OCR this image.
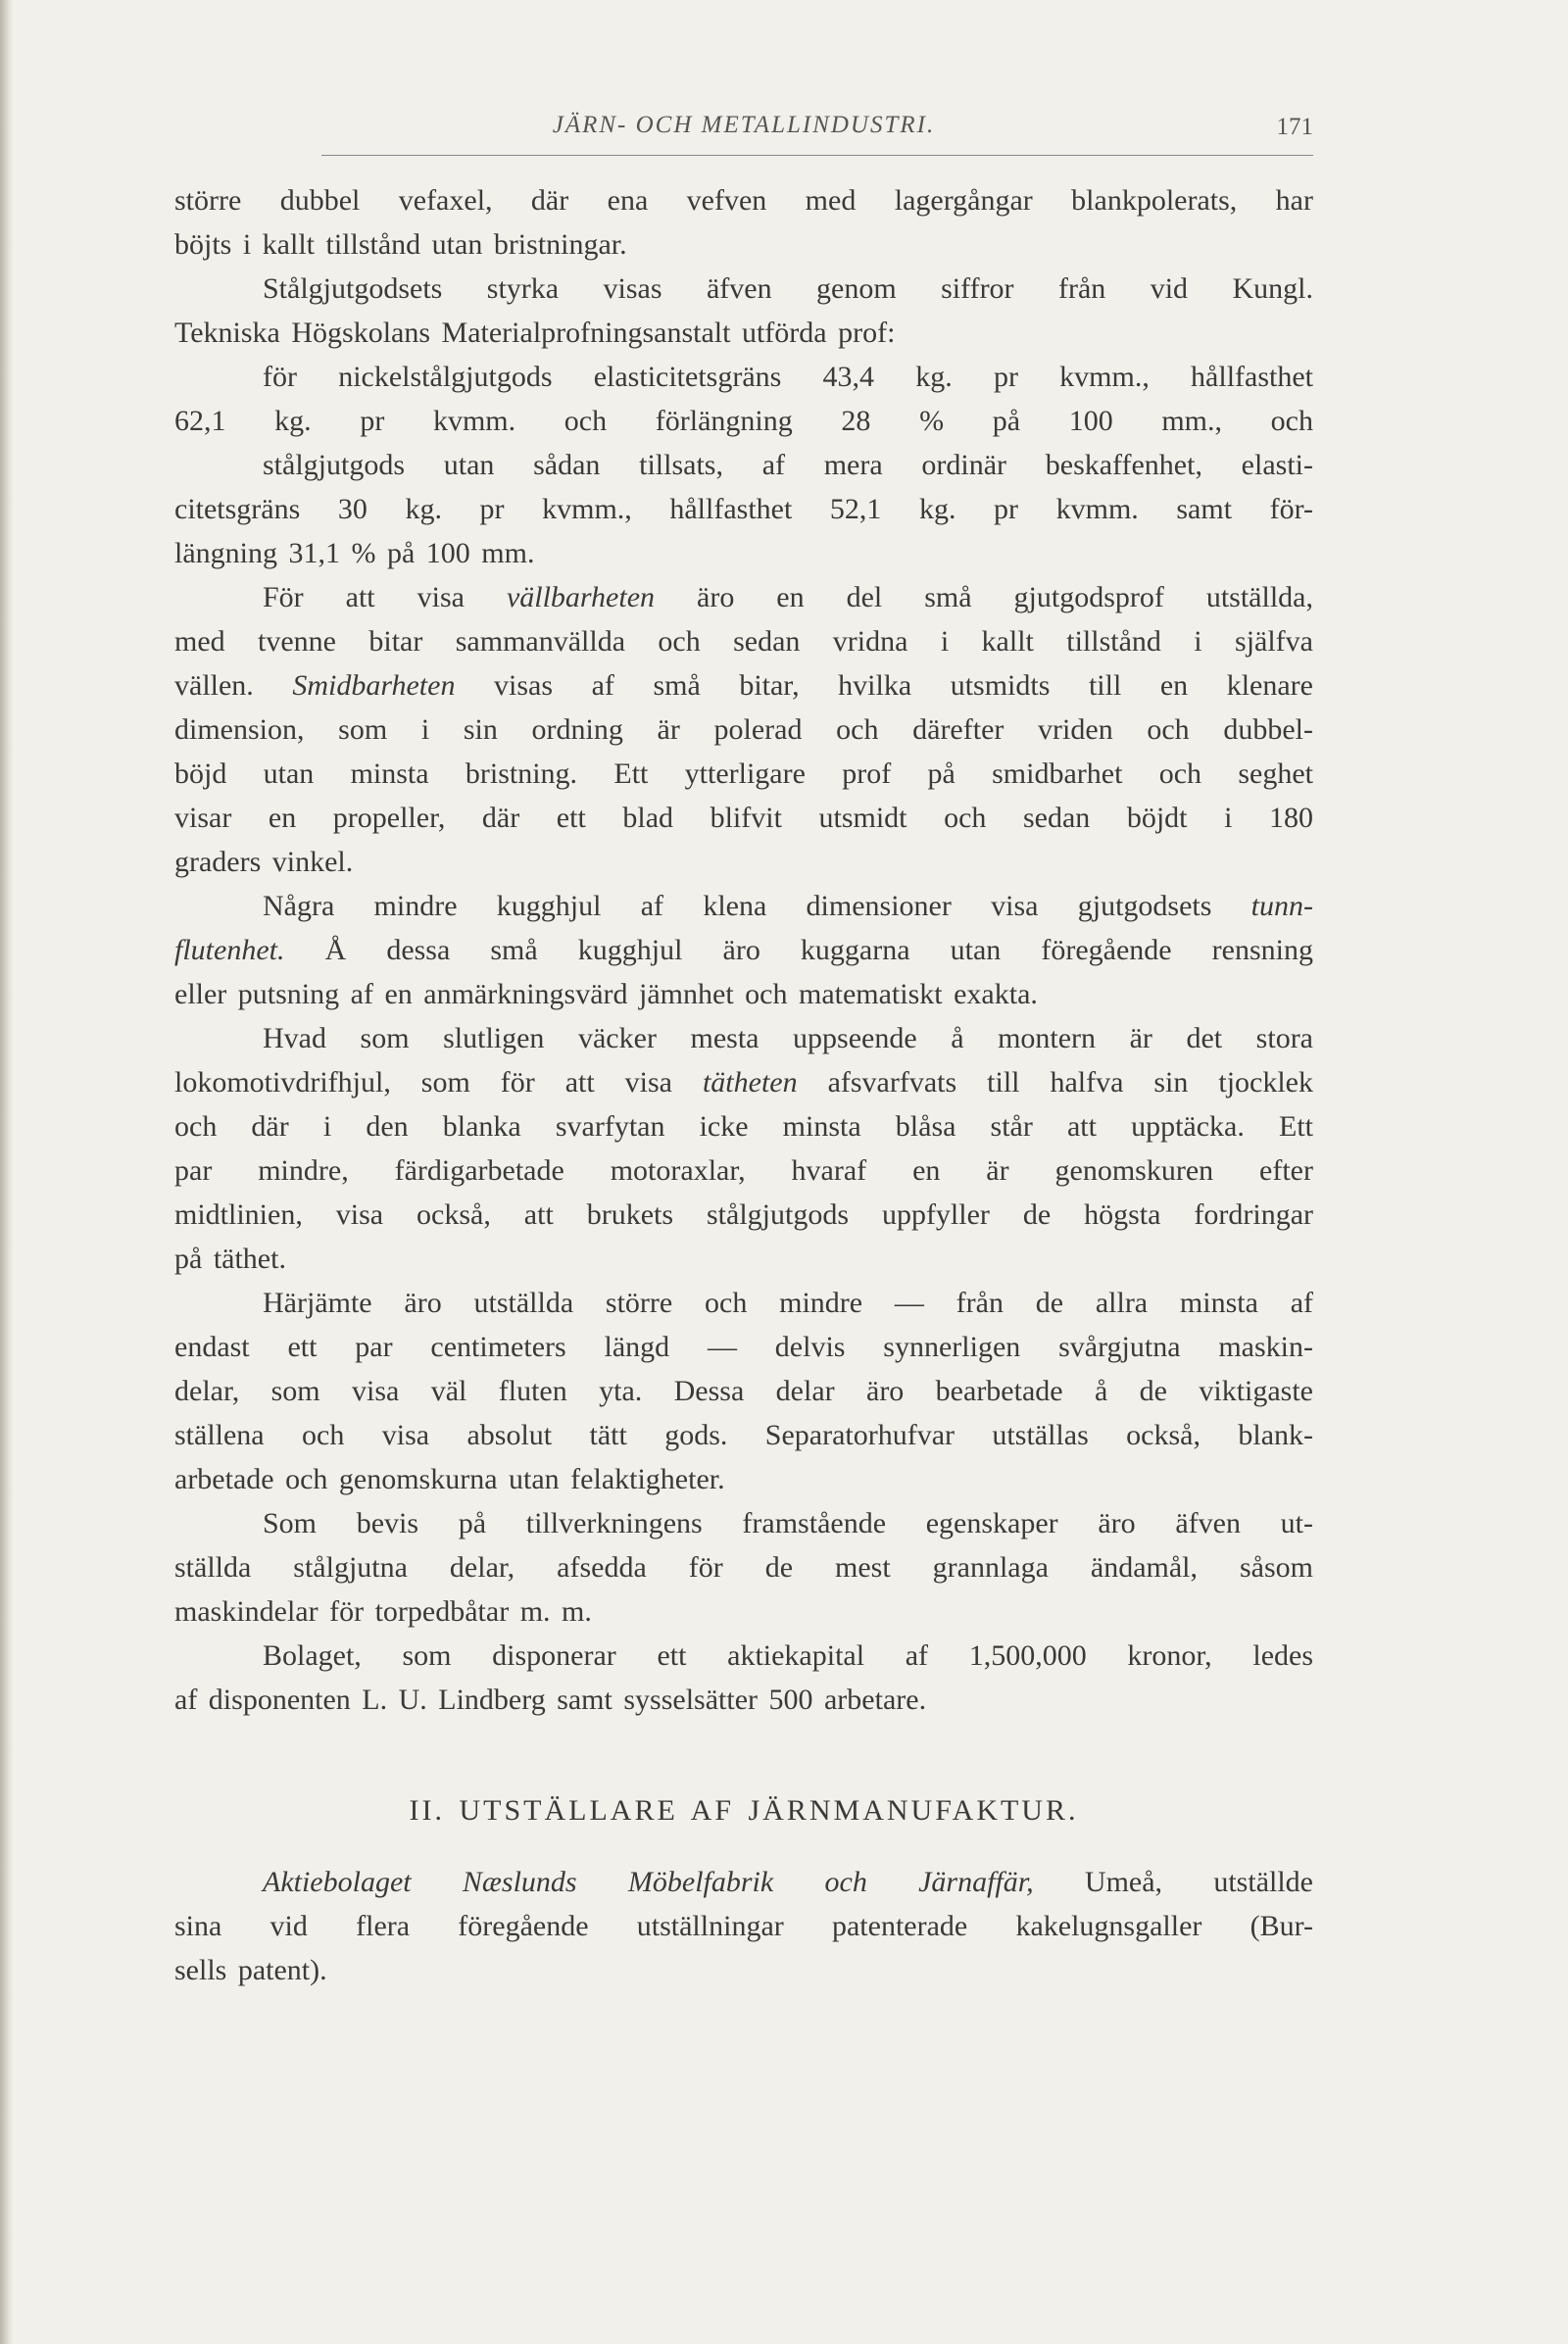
JÄRN- OCH METALLINDUSTRI.	171
större dubbel vefaxel, där ena vefven med lagergångar blankpolerats, har
böjts i kallt tillstånd utan bristningar.
Stålgjutgodsets styrka visas äfven genom siffror från vid Kungl.
Tekniska Högskolans Materialprofningsanstalt utförda prof:
för nickelstålgjutgods elasticitetsgräns 43,4 kg. pr kvmm., hållfasthet
62,1 kg. pr kvmm. och förlängning 28 % på 100 mm., och
stålgjutgods utan sådan tillsats, af mera ordinär beskaffenhet, elasti-
citetsgräns 30 kg. pr kvmm., hållfasthet 52,1 kg. pr kvmm. samt för-
längning 31,1 % på 100 mm.
För att visa vällbarheten äro en del små gjutgodsprof utställda,
med tvenne bitar sammanvällda och sedan vridna i kallt tillstånd i själfva
vällen. Smidbarheten visas af små bitar, hvilka utsmidts till en klenare
dimension, som i sin ordning är polerad och därefter vriden och dubbel-
böjd utan minsta bristning. Ett ytterligare prof på smidbarhet och seghet
visar en propeller, där ett blad blifvit utsmidt och sedan böjdt i 180
graders vinkel.
Några mindre kugghjul af klena dimensioner visa gjutgodsets tunn-
flutenhet. Å dessa små kugghjul äro kuggarna utan föregående rensning
eller putsning af en anmärkningsvärd jämnhet och matematiskt exakta.
Hvad som slutligen väcker mesta uppseende å montern är det stora
lokomotivdrifhjul, som för att visa tätheten afsvarfvats till halfva sin tjocklek
och där i den blanka svarfytan icke minsta blåsa står att upptäcka. Ett
par mindre, färdigarbetade motoraxlar, hvaraf en är genomskuren efter
midtlinien, visa också, att brukets stålgjutgods uppfyller de högsta fordringar
på täthet.
Härjämte äro utställda större och mindre — från de allra minsta af
endast ett par centimeters längd — delvis synnerligen svårgjutna maskin-
delar, som visa väl fluten yta. Dessa delar äro bearbetade å de viktigaste
ställena och visa absolut tätt gods. Separatorhufvar utställas också, blank-
arbetade och genomskurna utan felaktigheter.
Som bevis på tillverkningens framstående egenskaper äro äfven ut-
ställda stålgjutna delar, afsedda för de mest grannlaga ändamål, såsom
maskindelar för torpedbåtar m. m.
Bolaget, som disponerar ett aktiekapital af 1,500,000 kronor, ledes
af disponenten L. U. Lindberg samt sysselsätter 500 arbetare.
II. UTSTÄLLARE AF JÄRNMANUFAKTUR.
Aktiebolaget Næslunds Möbelfabrik och Järnaffär, Umeå, utställde
sina vid flera föregående utställningar patenterade kakelugnsgaller (Bur-
sells patent).
